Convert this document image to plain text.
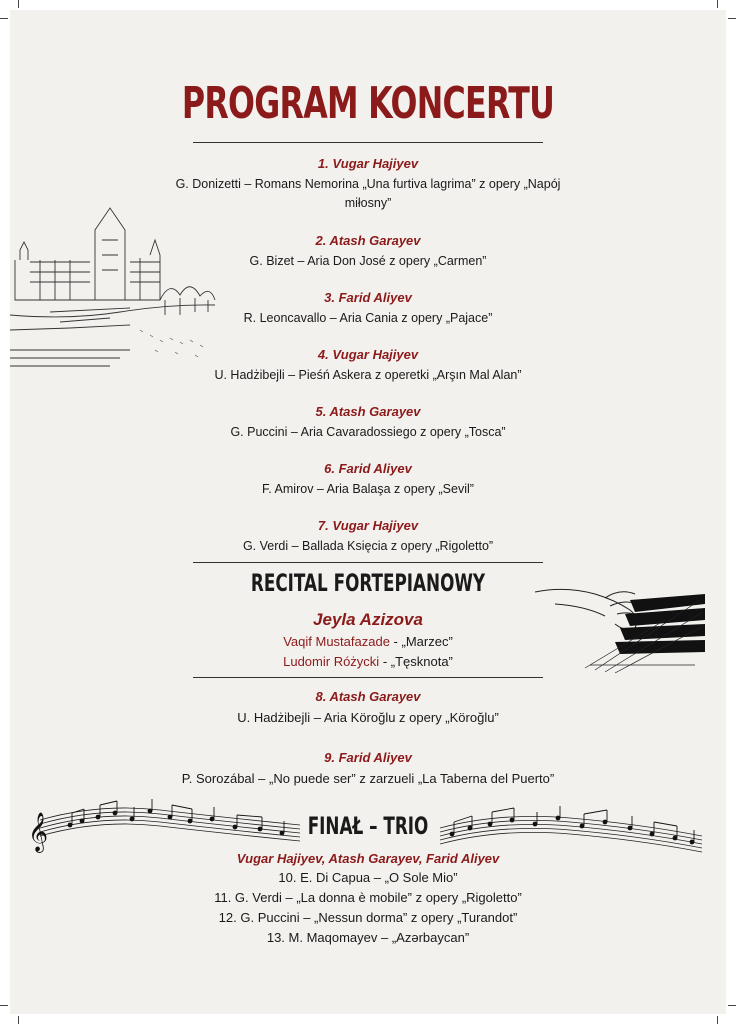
PROGRAM KONCERTU
1. Vugar Hajiyev
G. Donizetti – Romans Nemorina „Una furtiva lagrima” z opery „Napój
miłosny”
2. Atash Garayev
G. Bizet – Aria Don José z opery „Carmen”
3. Farid Aliyev
R. Leoncavallo – Aria Cania z opery „Pajace”
4. Vugar Hajiyev
U. Hadżibejli – Pieśń Askera z operetki „Arşın Mal Alan”
5. Atash Garayev
G. Puccini – Aria Cavaradossiego z opery „Tosca”
6. Farid Aliyev
F. Amirov – Aria Balaşa z opery „Sevil”
7. Vugar Hajiyev
G. Verdi – Ballada Księcia z opery „Rigoletto”
RECITAL FORTEPIANOWY
Jeyla Azizova
Vaqif Mustafazade - „Marzec”
Ludomir Różycki - „Tęsknota”
8. Atash Garayev
U. Hadżibejli – Aria Köroğlu z opery „Köroğlu”
9. Farid Aliyev
P. Sorozábal – „No puede ser” z zarzueli „La Taberna del Puerto”
𝄞	FINAŁ – TRIO
Vugar Hajiyev, Atash Garayev, Farid Aliyev
10. E. Di Capua – „O Sole Mio”
11. G. Verdi – „La donna è mobile” z opery „Rigoletto”
12. G. Puccini – „Nessun dorma” z opery „Turandot”
13. M. Maqomayev – „Azərbaycan”
